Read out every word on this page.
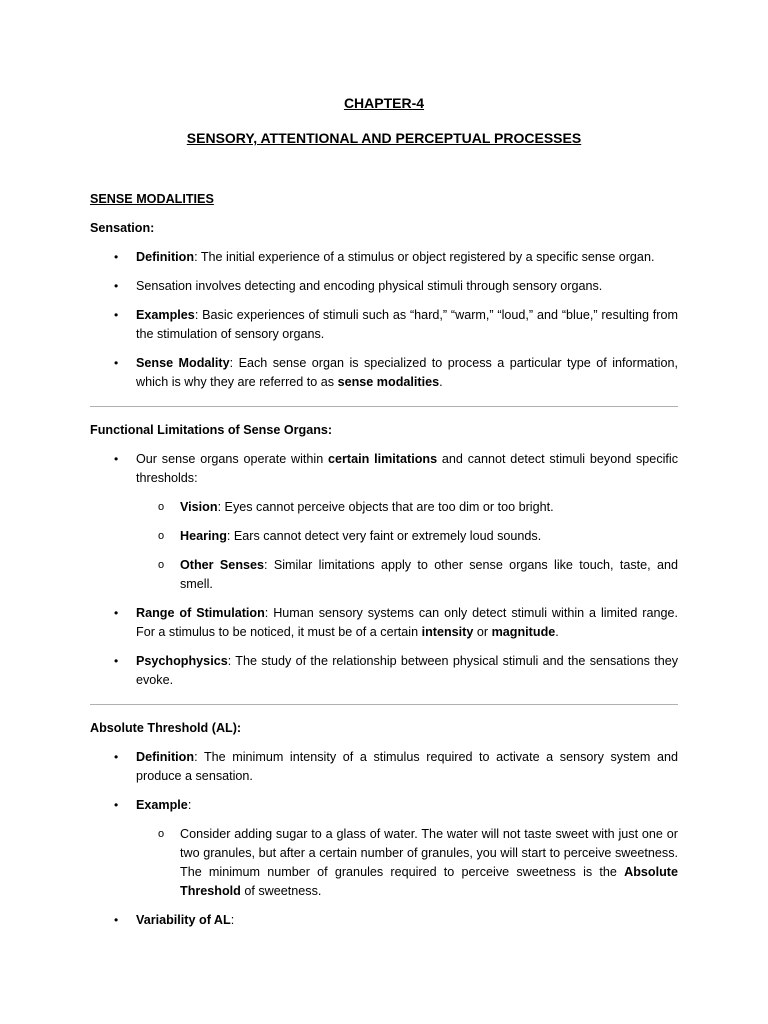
CHAPTER-4
SENSORY, ATTENTIONAL AND PERCEPTUAL PROCESSES

SENSE MODALITIES

Sensation:

• Definition: The initial experience of a stimulus or object registered by a specific sense organ.
• Sensation involves detecting and encoding physical stimuli through sensory organs.
• Examples: Basic experiences of stimuli such as “hard,” “warm,” “loud,” and “blue,” resulting from the stimulation of sensory organs.
• Sense Modality: Each sense organ is specialized to process a particular type of information, which is why they are referred to as sense modalities.

Functional Limitations of Sense Organs:

• Our sense organs operate within certain limitations and cannot detect stimuli beyond specific thresholds:
o Vision: Eyes cannot perceive objects that are too dim or too bright.
o Hearing: Ears cannot detect very faint or extremely loud sounds.
o Other Senses: Similar limitations apply to other sense organs like touch, taste, and smell.
• Range of Stimulation: Human sensory systems can only detect stimuli within a limited range. For a stimulus to be noticed, it must be of a certain intensity or magnitude.
• Psychophysics: The study of the relationship between physical stimuli and the sensations they evoke.

Absolute Threshold (AL):

• Definition: The minimum intensity of a stimulus required to activate a sensory system and produce a sensation.
• Example:
o Consider adding sugar to a glass of water. The water will not taste sweet with just one or two granules, but after a certain number of granules, you will start to perceive sweetness. The minimum number of granules required to perceive sweetness is the Absolute Threshold of sweetness.
• Variability of AL:
